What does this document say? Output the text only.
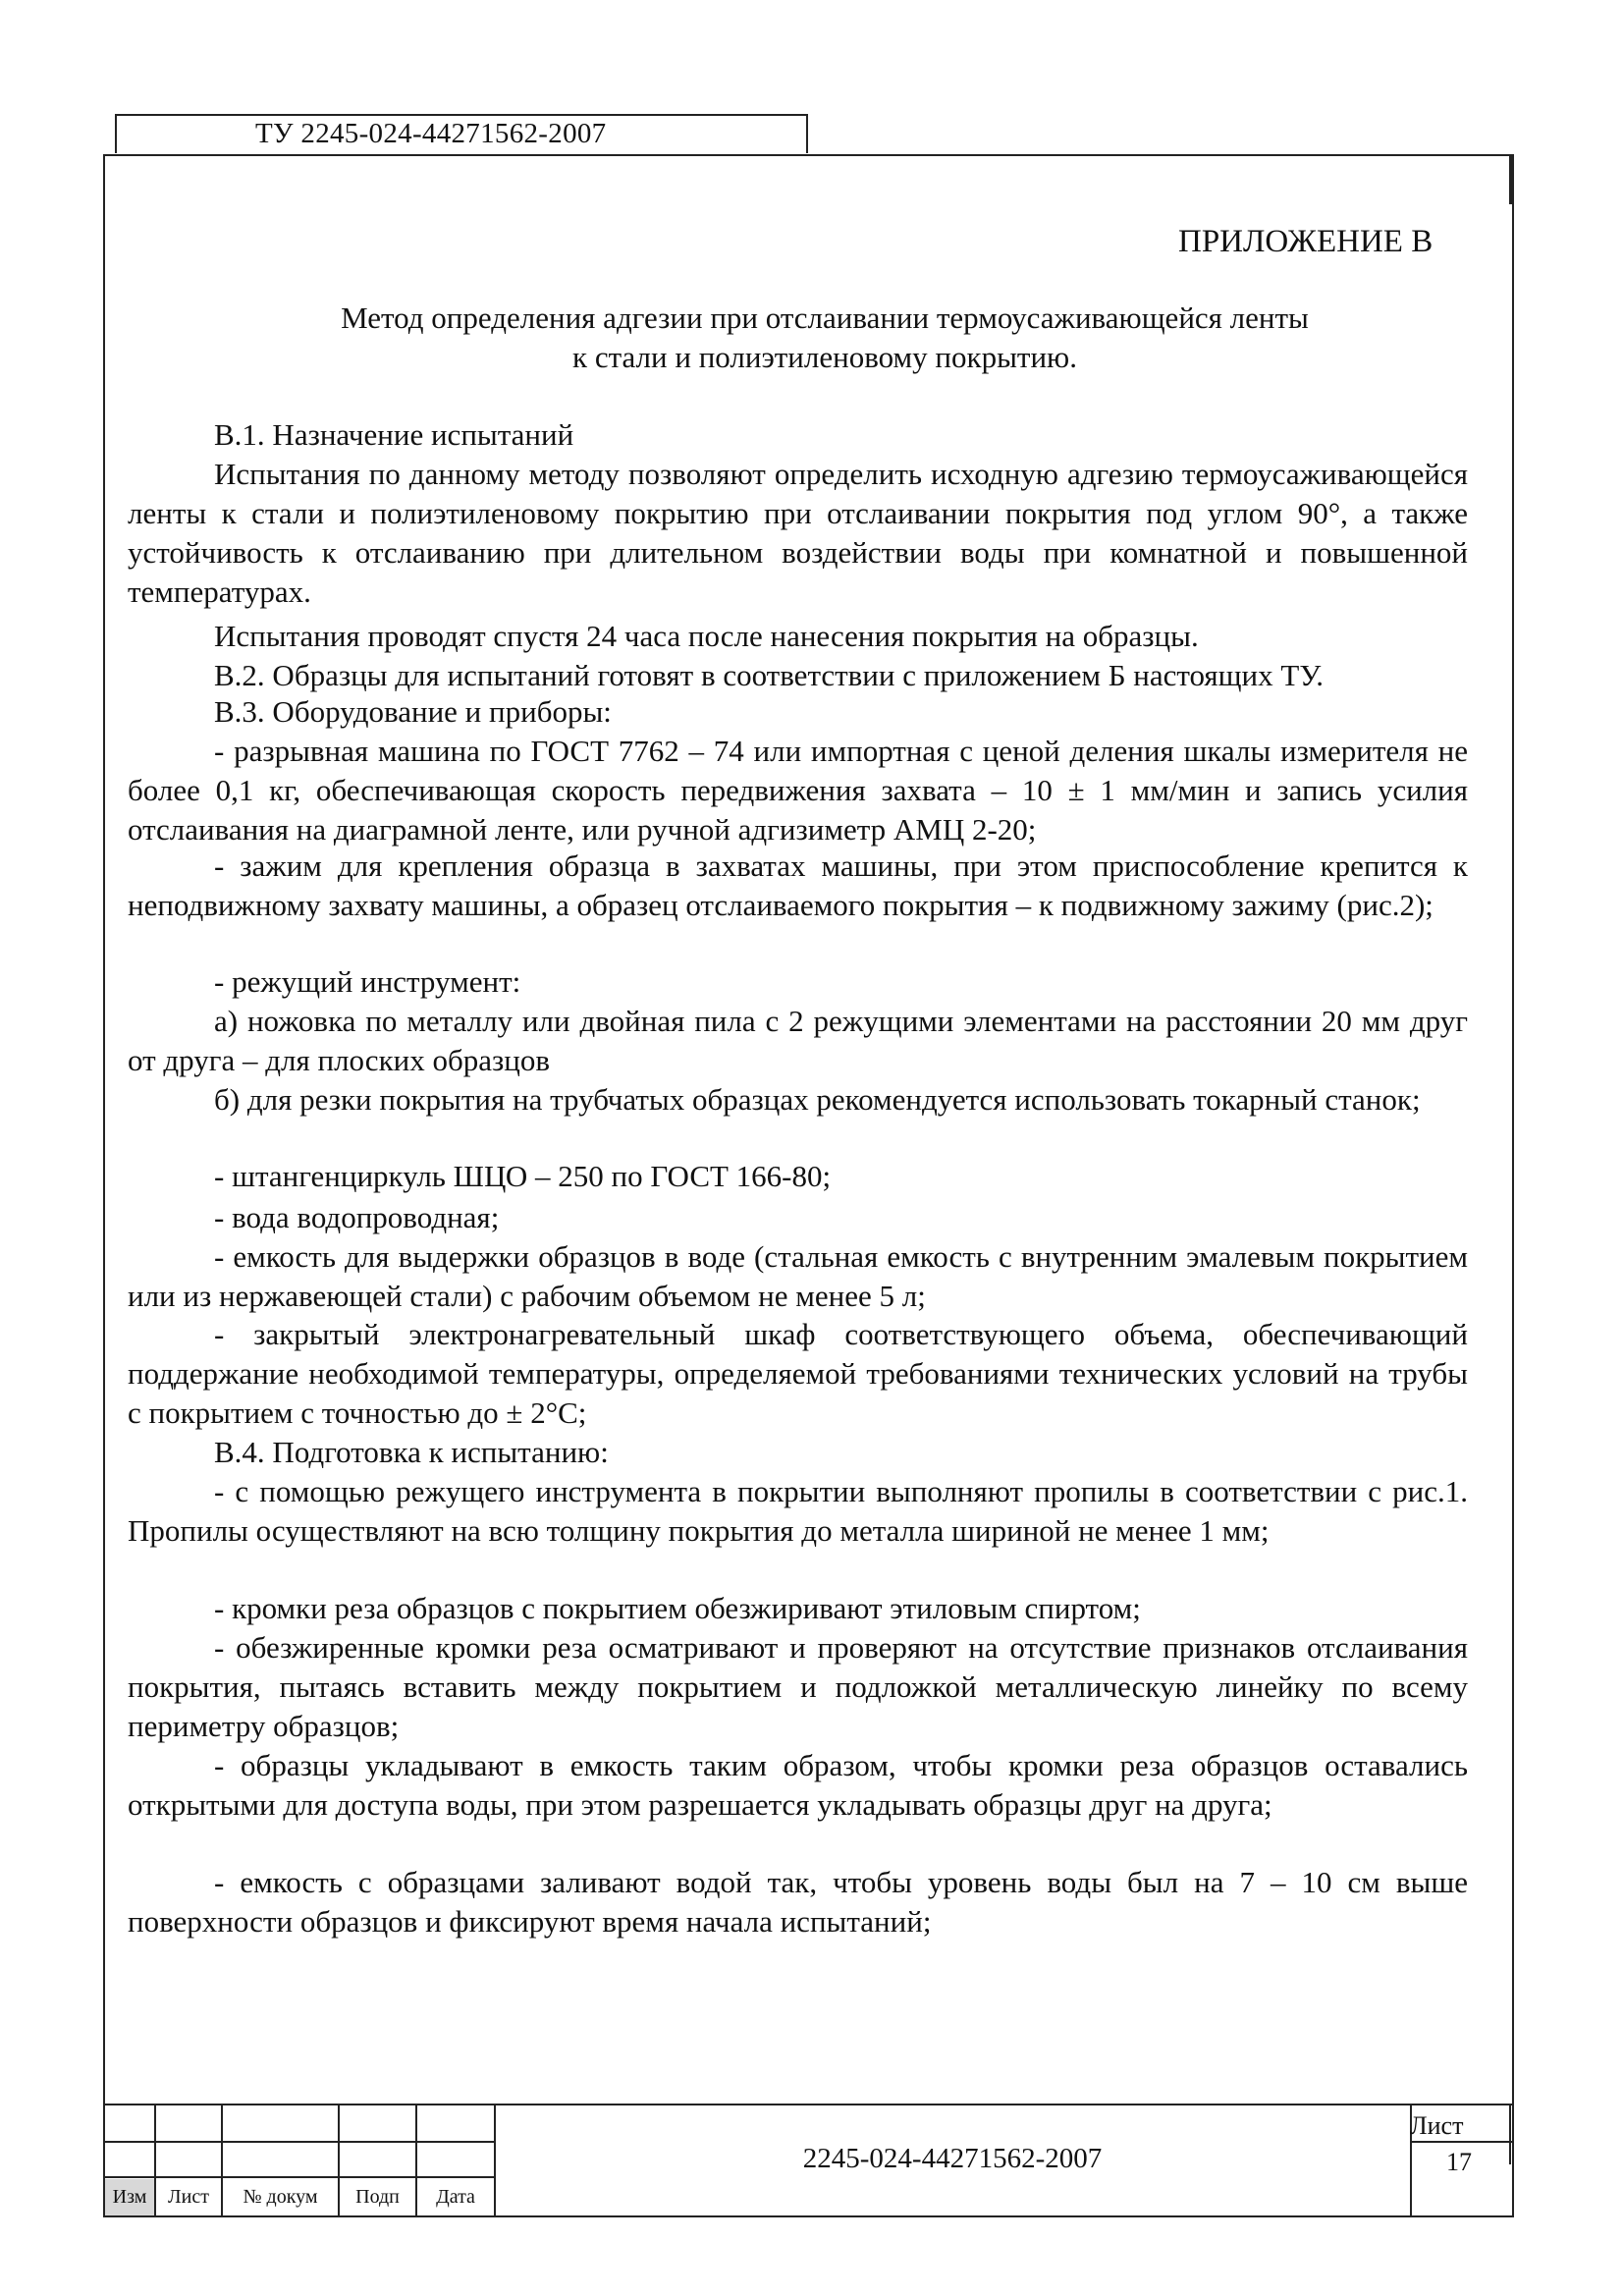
ТУ 2245-024-44271562-2007
ПРИЛОЖЕНИЕ В
Метод определения адгезии при отслаивании термоусаживающейся ленты
к стали и полиэтиленовому покрытию.

В.1. Назначение испытаний

Испытания по данному методу позволяют определить исходную адгезию термоусаживающейся ленты к стали и полиэтиленовому покрытию при отслаивании покрытия под углом 90°, а также устойчивость к отслаиванию при длительном воздействии воды при комнатной и повышенной температурах.

Испытания проводят спустя 24 часа после нанесения покрытия на образцы.

В.2. Образцы для испытаний готовят в соответствии с приложением Б настоящих ТУ.

В.3. Оборудование и приборы:

- разрывная машина по ГОСТ 7762 – 74 или импортная с ценой деления шкалы измерителя не более 0,1 кг, обеспечивающая скорость передвижения захвата – 10 ± 1 мм/мин и запись усилия отслаивания на диаграмной ленте, или ручной адгизиметр АМЦ 2-20;

- зажим для крепления образца в захватах машины, при этом приспособление крепится к неподвижному захвату машины, а образец отслаиваемого покрытия – к подвижному зажиму (рис.2);

- режущий инструмент:

а) ножовка по металлу или двойная пила с 2 режущими элементами на расстоянии 20 мм друг от друга – для плоских образцов

б) для резки покрытия на трубчатых образцах рекомендуется использовать токарный станок;

- штангенциркуль ШЦО – 250 по ГОСТ 166-80;

- вода водопроводная;

- емкость для выдержки образцов в воде (стальная емкость с внутренним эмалевым покрытием или из нержавеющей стали) с рабочим объемом не менее 5 л;

- закрытый электронагревательный шкаф соответствующего объема, обеспечивающий поддержание необходимой температуры, определяемой требованиями технических условий на трубы с покрытием с точностью до ± 2°С;

В.4. Подготовка к испытанию:

- с помощью режущего инструмента в покрытии выполняют пропилы в соответствии с рис.1. Пропилы осуществляют на всю толщину покрытия до металла шириной не менее 1 мм;

- кромки реза образцов с покрытием обезжиривают этиловым спиртом;

- обезжиренные кромки реза осматривают и проверяют на отсутствие признаков отслаивания покрытия, пытаясь вставить между покрытием и подложкой металлическую линейку по всему периметру образцов;

- образцы укладывают в емкость таким образом, чтобы кромки реза образцов оставались открытыми для доступа воды, при этом разрешается укладывать образцы друг на друга;

- емкость с образцами заливают водой так, чтобы уровень воды был на 7 – 10 см выше поверхности образцов и фиксируют время начала испытаний;

Изм	Лист	№ докум	Подп	Дата
2245-024-44271562-2007
Лист
17
